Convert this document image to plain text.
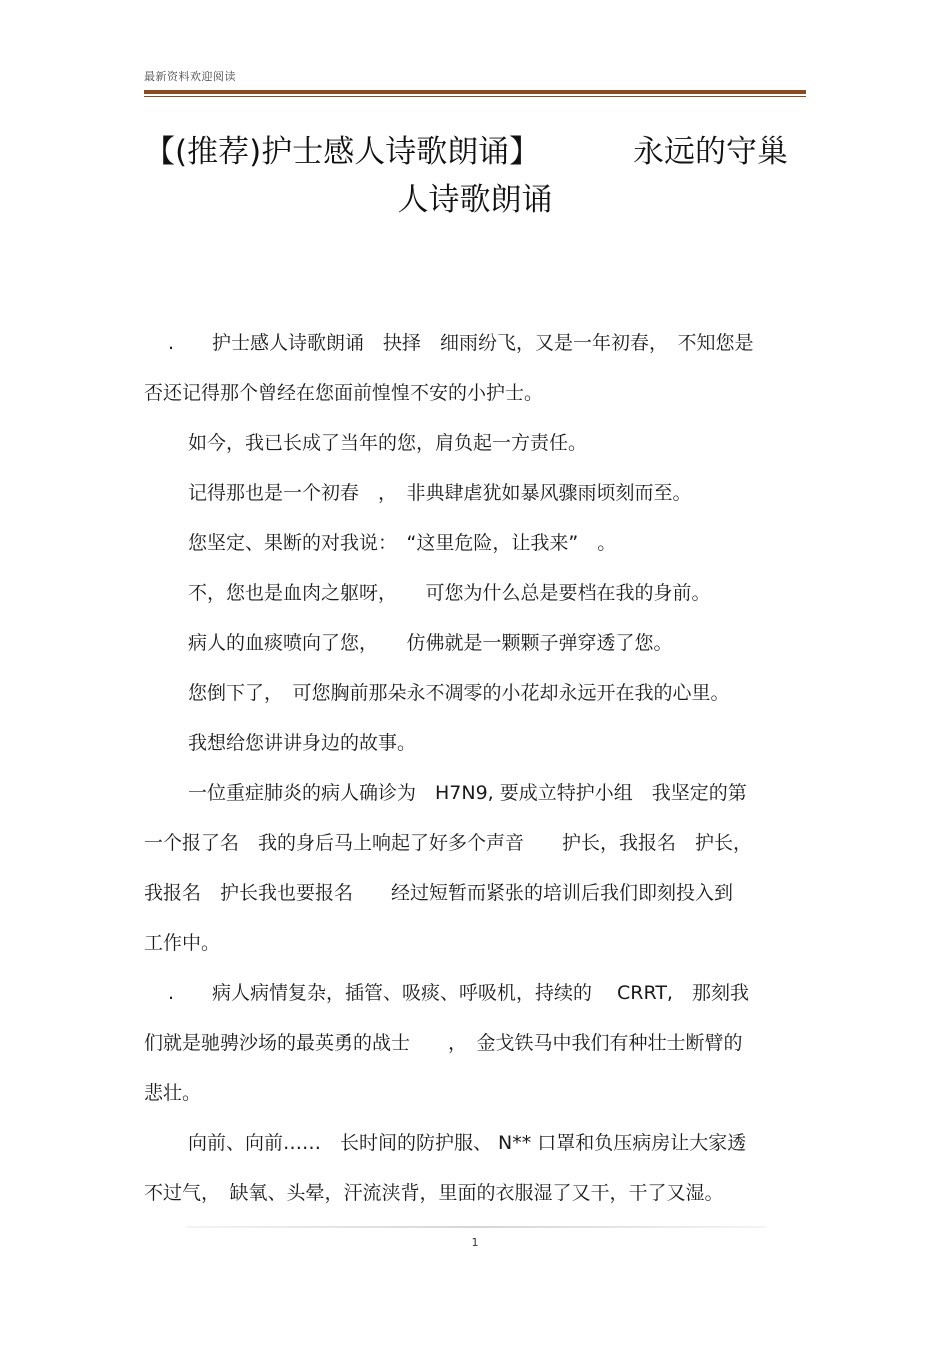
最新资料欢迎阅读
【(推荐)护士感人诗歌朗诵】	永远的守巢
人诗歌朗诵
. 护士感人诗歌朗诵　抉择　细雨纷飞，又是一年初春，　不知您是
否还记得那个曾经在您面前惶惶不安的小护士。
如今，我已长成了当年的您，肩负起一方责任。
记得那也是一个初春　，　非典肆虐犹如暴风骤雨顷刻而至。
您坚定、果断的对我说：　“这里危险，让我来”　。
不，您也是血肉之躯呀，　　可您为什么总是要档在我的身前。
病人的血痰喷向了您，　　仿佛就是一颗颗子弹穿透了您。
您倒下了，　可您胸前那朵永不凋零的小花却永远开在我的心里。
我想给您讲讲身边的故事。
一位重症肺炎的病人确诊为　H7N9, 要成立特护小组　我坚定的第
一个报了名　我的身后马上响起了好多个声音　　护长，我报名　护长，
我报名　护长我也要报名　　经过短暂而紧张的培训后我们即刻投入到
工作中。
. 病人病情复杂，插管、吸痰、呼吸机，持续的　 CRRT,　那刻我
们就是驰骋沙场的最英勇的战士　　，　金戈铁马中我们有种壮士断臂的
悲壮。
向前、向前……　长时间的防护服、 N** 口罩和负压病房让大家透
不过气，　缺氧、头晕，汗流浃背，里面的衣服湿了又干，干了又湿。
1
